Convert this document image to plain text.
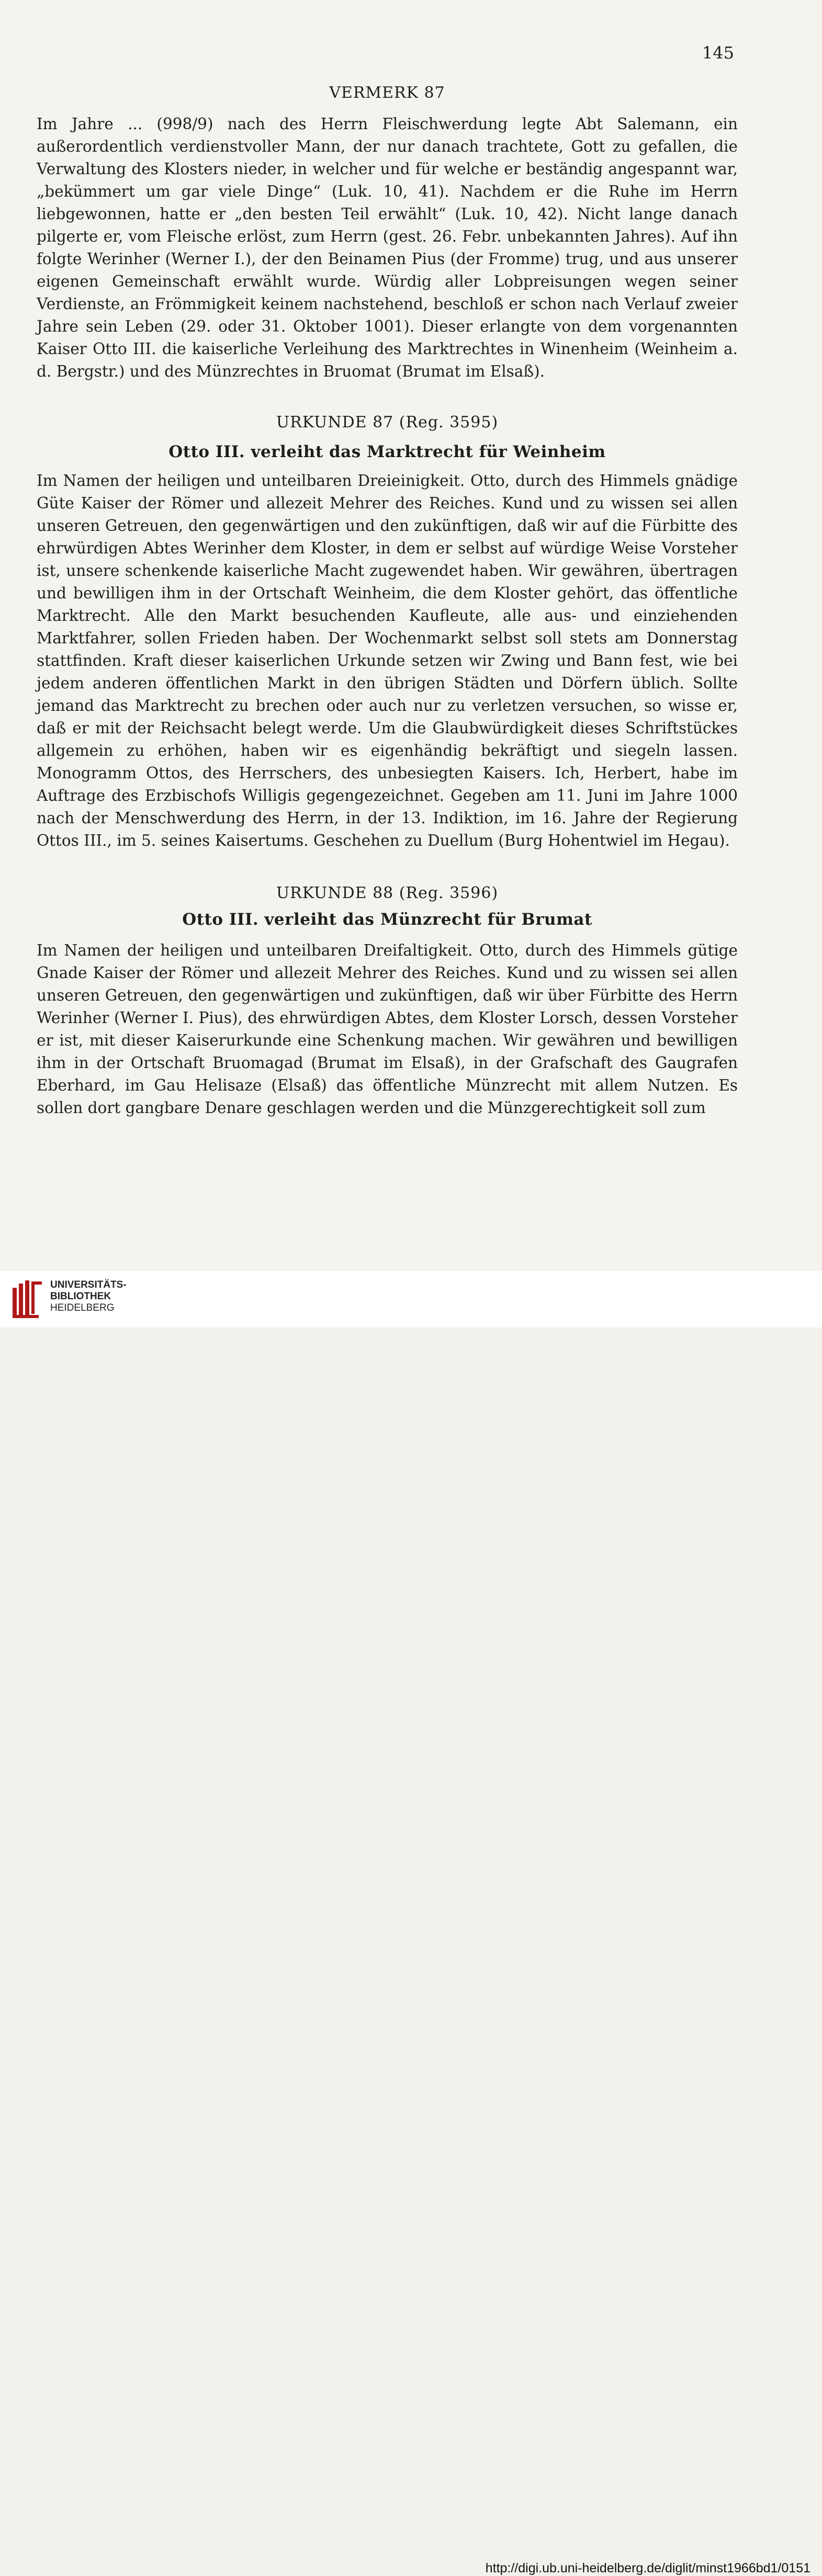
145
VERMERK 87
Im Jahre ... (998/9) nach des Herrn Fleischwerdung legte Abt Salemann, ein außerordentlich verdienstvoller Mann, der nur danach trachtete, Gott zu gefallen, die Verwaltung des Klosters nieder, in welcher und für welche er beständig angespannt war, „bekümmert um gar viele Dinge“ (Luk. 10, 41). Nachdem er die Ruhe im Herrn liebgewonnen, hatte er „den besten Teil erwählt“ (Luk. 10, 42). Nicht lange danach pilgerte er, vom Fleische erlöst, zum Herrn (gest. 26. Febr. unbekannten Jahres). Auf ihn folgte Werinher (Werner I.), der den Beinamen Pius (der Fromme) trug, und aus unserer eigenen Gemeinschaft erwählt wurde. Würdig aller Lobpreisungen wegen seiner Verdienste, an Frömmigkeit keinem nachstehend, beschloß er schon nach Verlauf zweier Jahre sein Leben (29. oder 31. Oktober 1001). Dieser erlangte von dem vorgenannten Kaiser Otto III. die kaiserliche Verleihung des Marktrechtes in Winenheim (Weinheim a. d. Bergstr.) und des Münzrechtes in Bruomat (Brumat im Elsaß).
URKUNDE 87 (Reg. 3595)
Otto III. verleiht das Marktrecht für Weinheim
Im Namen der heiligen und unteilbaren Dreieinigkeit. Otto, durch des Himmels gnädige Güte Kaiser der Römer und allezeit Mehrer des Reiches. Kund und zu wissen sei allen unseren Getreuen, den gegenwärtigen und den zukünftigen, daß wir auf die Fürbitte des ehrwürdigen Abtes Werinher dem Kloster, in dem er selbst auf würdige Weise Vorsteher ist, unsere schenkende kaiserliche Macht zugewendet haben. Wir gewähren, übertragen und bewilligen ihm in der Ortschaft Weinheim, die dem Kloster gehört, das öffentliche Marktrecht. Alle den Markt besuchenden Kaufleute, alle aus- und einziehenden Marktfahrer, sollen Frieden haben. Der Wochenmarkt selbst soll stets am Donnerstag stattfinden. Kraft dieser kaiserlichen Urkunde setzen wir Zwing und Bann fest, wie bei jedem anderen öffentlichen Markt in den übrigen Städten und Dörfern üblich. Sollte jemand das Marktrecht zu brechen oder auch nur zu verletzen versuchen, so wisse er, daß er mit der Reichsacht belegt werde. Um die Glaubwürdigkeit dieses Schriftstückes allgemein zu erhöhen, haben wir es eigenhändig bekräftigt und siegeln lassen. Monogramm Ottos, des Herrschers, des unbesiegten Kaisers. Ich, Herbert, habe im Auftrage des Erzbischofs Willigis gegengezeichnet. Gegeben am 11. Juni im Jahre 1000 nach der Menschwerdung des Herrn, in der 13. Indiktion, im 16. Jahre der Regierung Ottos III., im 5. seines Kaisertums. Geschehen zu Duellum (Burg Hohentwiel im Hegau).
URKUNDE 88 (Reg. 3596)
Otto III. verleiht das Münzrecht für Brumat
Im Namen der heiligen und unteilbaren Dreifaltigkeit. Otto, durch des Himmels gütige Gnade Kaiser der Römer und allezeit Mehrer des Reiches. Kund und zu wissen sei allen unseren Getreuen, den gegenwärtigen und zukünftigen, daß wir über Fürbitte des Herrn Werinher (Werner I. Pius), des ehrwürdigen Abtes, dem Kloster Lorsch, dessen Vorsteher er ist, mit dieser Kaiserurkunde eine Schenkung machen. Wir gewähren und bewilligen ihm in der Ortschaft Bruomagad (Brumat im Elsaß), in der Grafschaft des Gaugrafen Eberhard, im Gau Helisaze (Elsaß) das öffentliche Münzrecht mit allem Nutzen. Es sollen dort gangbare Denare geschlagen werden und die Münzgerechtigkeit soll zum
http://digi.ub.uni-heidelberg.de/diglit/minst1966bd1/0151
UNIVERSITÄTS-
BIBLIOTHEK
HEIDELBERG
